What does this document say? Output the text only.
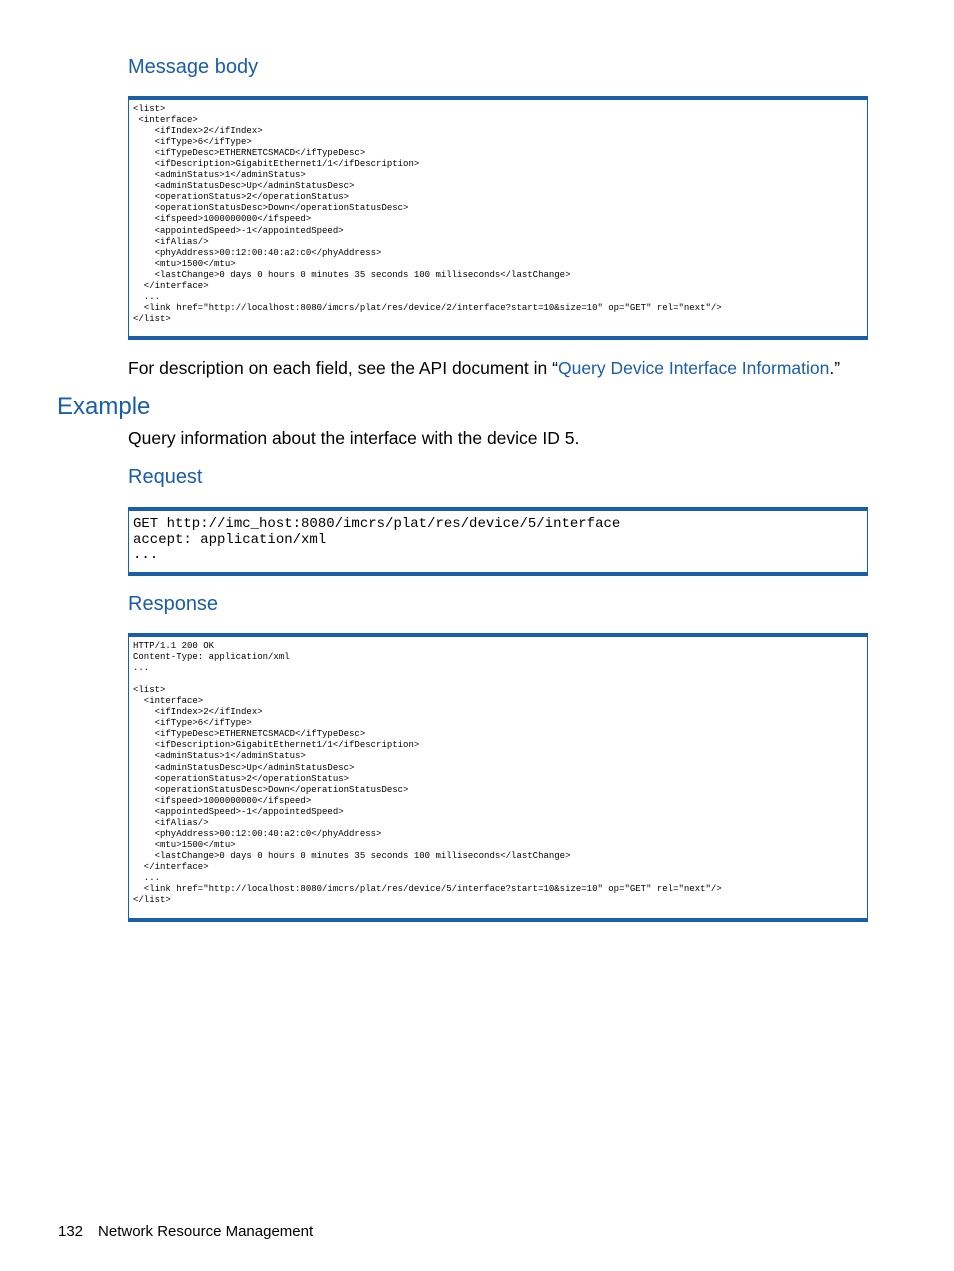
Message body
<list>
<interface>
<ifIndex>2</ifIndex>
<ifType>6</ifType>
<ifTypeDesc>ETHERNETCSMACD</ifTypeDesc>
<ifDescription>GigabitEthernet1/1</ifDescription>
<adminStatus>1</adminStatus>
<adminStatusDesc>Up</adminStatusDesc>
<operationStatus>2</operationStatus>
<operationStatusDesc>Down</operationStatusDesc>
<ifspeed>1000000000</ifspeed>
<appointedSpeed>-1</appointedSpeed>
<ifAlias/>
<phyAddress>00:12:00:40:a2:c0</phyAddress>
<mtu>1500</mtu>
<lastChange>0 days 0 hours 0 minutes 35 seconds 100 milliseconds</lastChange>
</interface>
...
<link href="http://localhost:8080/imcrs/plat/res/device/2/interface?start=10&size=10" op="GET" rel="next"/>
</list>

For description on each field, see the API document in “Query Device Interface Information.”

Example

Query information about the interface with the device ID 5.

Request
GET http://imc_host:8080/imcrs/plat/res/device/5/interface
accept: application/xml
...
Response
HTTP/1.1 200 OK
Content-Type: application/xml
...

<list>
<interface>
<ifIndex>2</ifIndex>
<ifType>6</ifType>
<ifTypeDesc>ETHERNETCSMACD</ifTypeDesc>
<ifDescription>GigabitEthernet1/1</ifDescription>
<adminStatus>1</adminStatus>
<adminStatusDesc>Up</adminStatusDesc>
<operationStatus>2</operationStatus>
<operationStatusDesc>Down</operationStatusDesc>
<ifspeed>1000000000</ifspeed>
<appointedSpeed>-1</appointedSpeed>
<ifAlias/>
<phyAddress>00:12:00:40:a2:c0</phyAddress>
<mtu>1500</mtu>
<lastChange>0 days 0 hours 0 minutes 35 seconds 100 milliseconds</lastChange>
</interface>
...
<link href="http://localhost:8080/imcrs/plat/res/device/5/interface?start=10&size=10" op="GET" rel="next"/>
</list>
132 Network Resource Management
